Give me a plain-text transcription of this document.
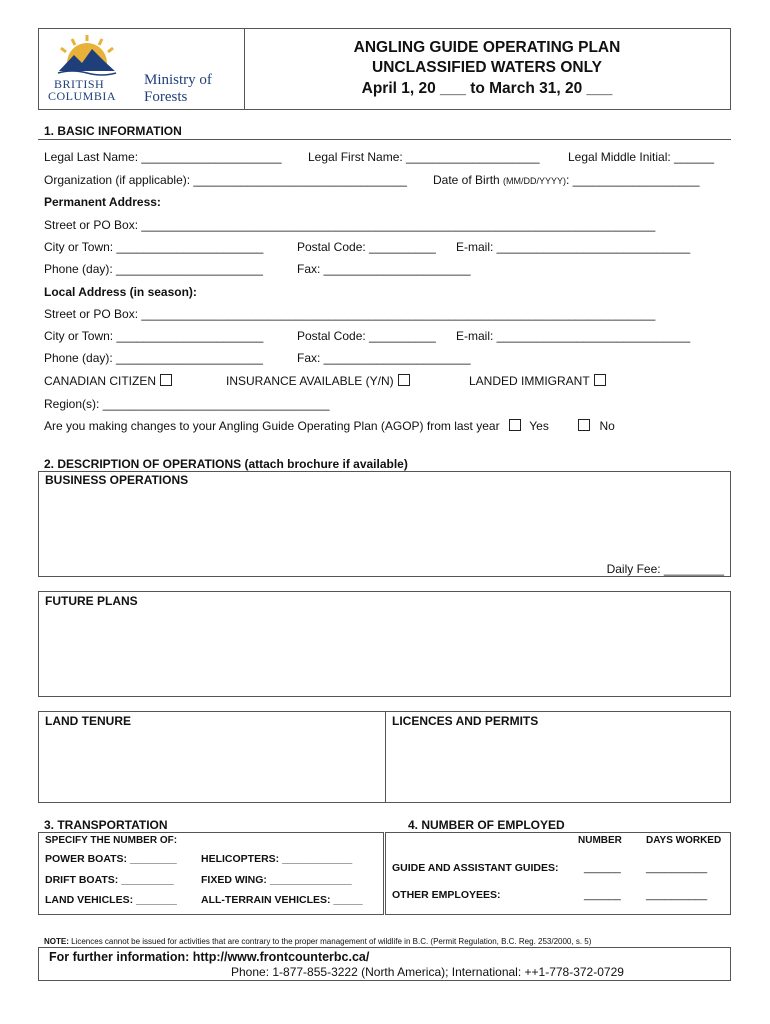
BRITISH
COLUMBIA
Ministry of
Forests
ANGLING GUIDE OPERATING PLAN
UNCLASSIFIED WATERS ONLY
April 1, 20 ___ to March 31, 20 ___
1. BASIC INFORMATION
Legal Last Name: _____________________ Legal First Name: ____________________ Legal Middle Initial: ______
Organization (if applicable): ________________________________ Date of Birth (MM/DD/YYYY): ___________________
Permanent Address:
Street or PO Box: _____________________________________________________________________________
City or Town: ______________________	Postal Code: __________ E-mail: _____________________________
Phone (day): ______________________	Fax: ______________________
Local Address (in season):
Street or PO Box: _____________________________________________________________________________
City or Town: ______________________	Postal Code: __________ E-mail: _____________________________
Phone (day): ______________________	Fax: ______________________
CANADIAN CITIZEN	INSURANCE AVAILABLE (Y/N)	LANDED IMMIGRANT
Region(s): __________________________________
Are you making changes to your Angling Guide Operating Plan (AGOP) from last year Yes	No
2. DESCRIPTION OF OPERATIONS (attach brochure if available)
BUSINESS OPERATIONS
Daily Fee: _________
FUTURE PLANS
LAND TENURE	LICENCES AND PERMITS
3. TRANSPORTATION
SPECIFY THE NUMBER OF:
POWER BOATS: ________ HELICOPTERS: ____________
DRIFT BOATS: _________	FIXED WING: ______________
LAND VEHICLES: _______ ALL-TERRAIN VEHICLES: _____
4. NUMBER OF EMPLOYED
NUMBER DAYS WORKED
GUIDE AND ASSISTANT GUIDES: ______ __________
OTHER EMPLOYEES:	______ __________
NOTE: Licences cannot be issued for activities that are contrary to the proper management of wildlife in B.C. (Permit Regulation, B.C. Reg. 253/2000, s. 5)
For further information: http://www.frontcounterbc.ca/
Phone: 1-877-855-3222 (North America); International: ++1-778-372-0729
